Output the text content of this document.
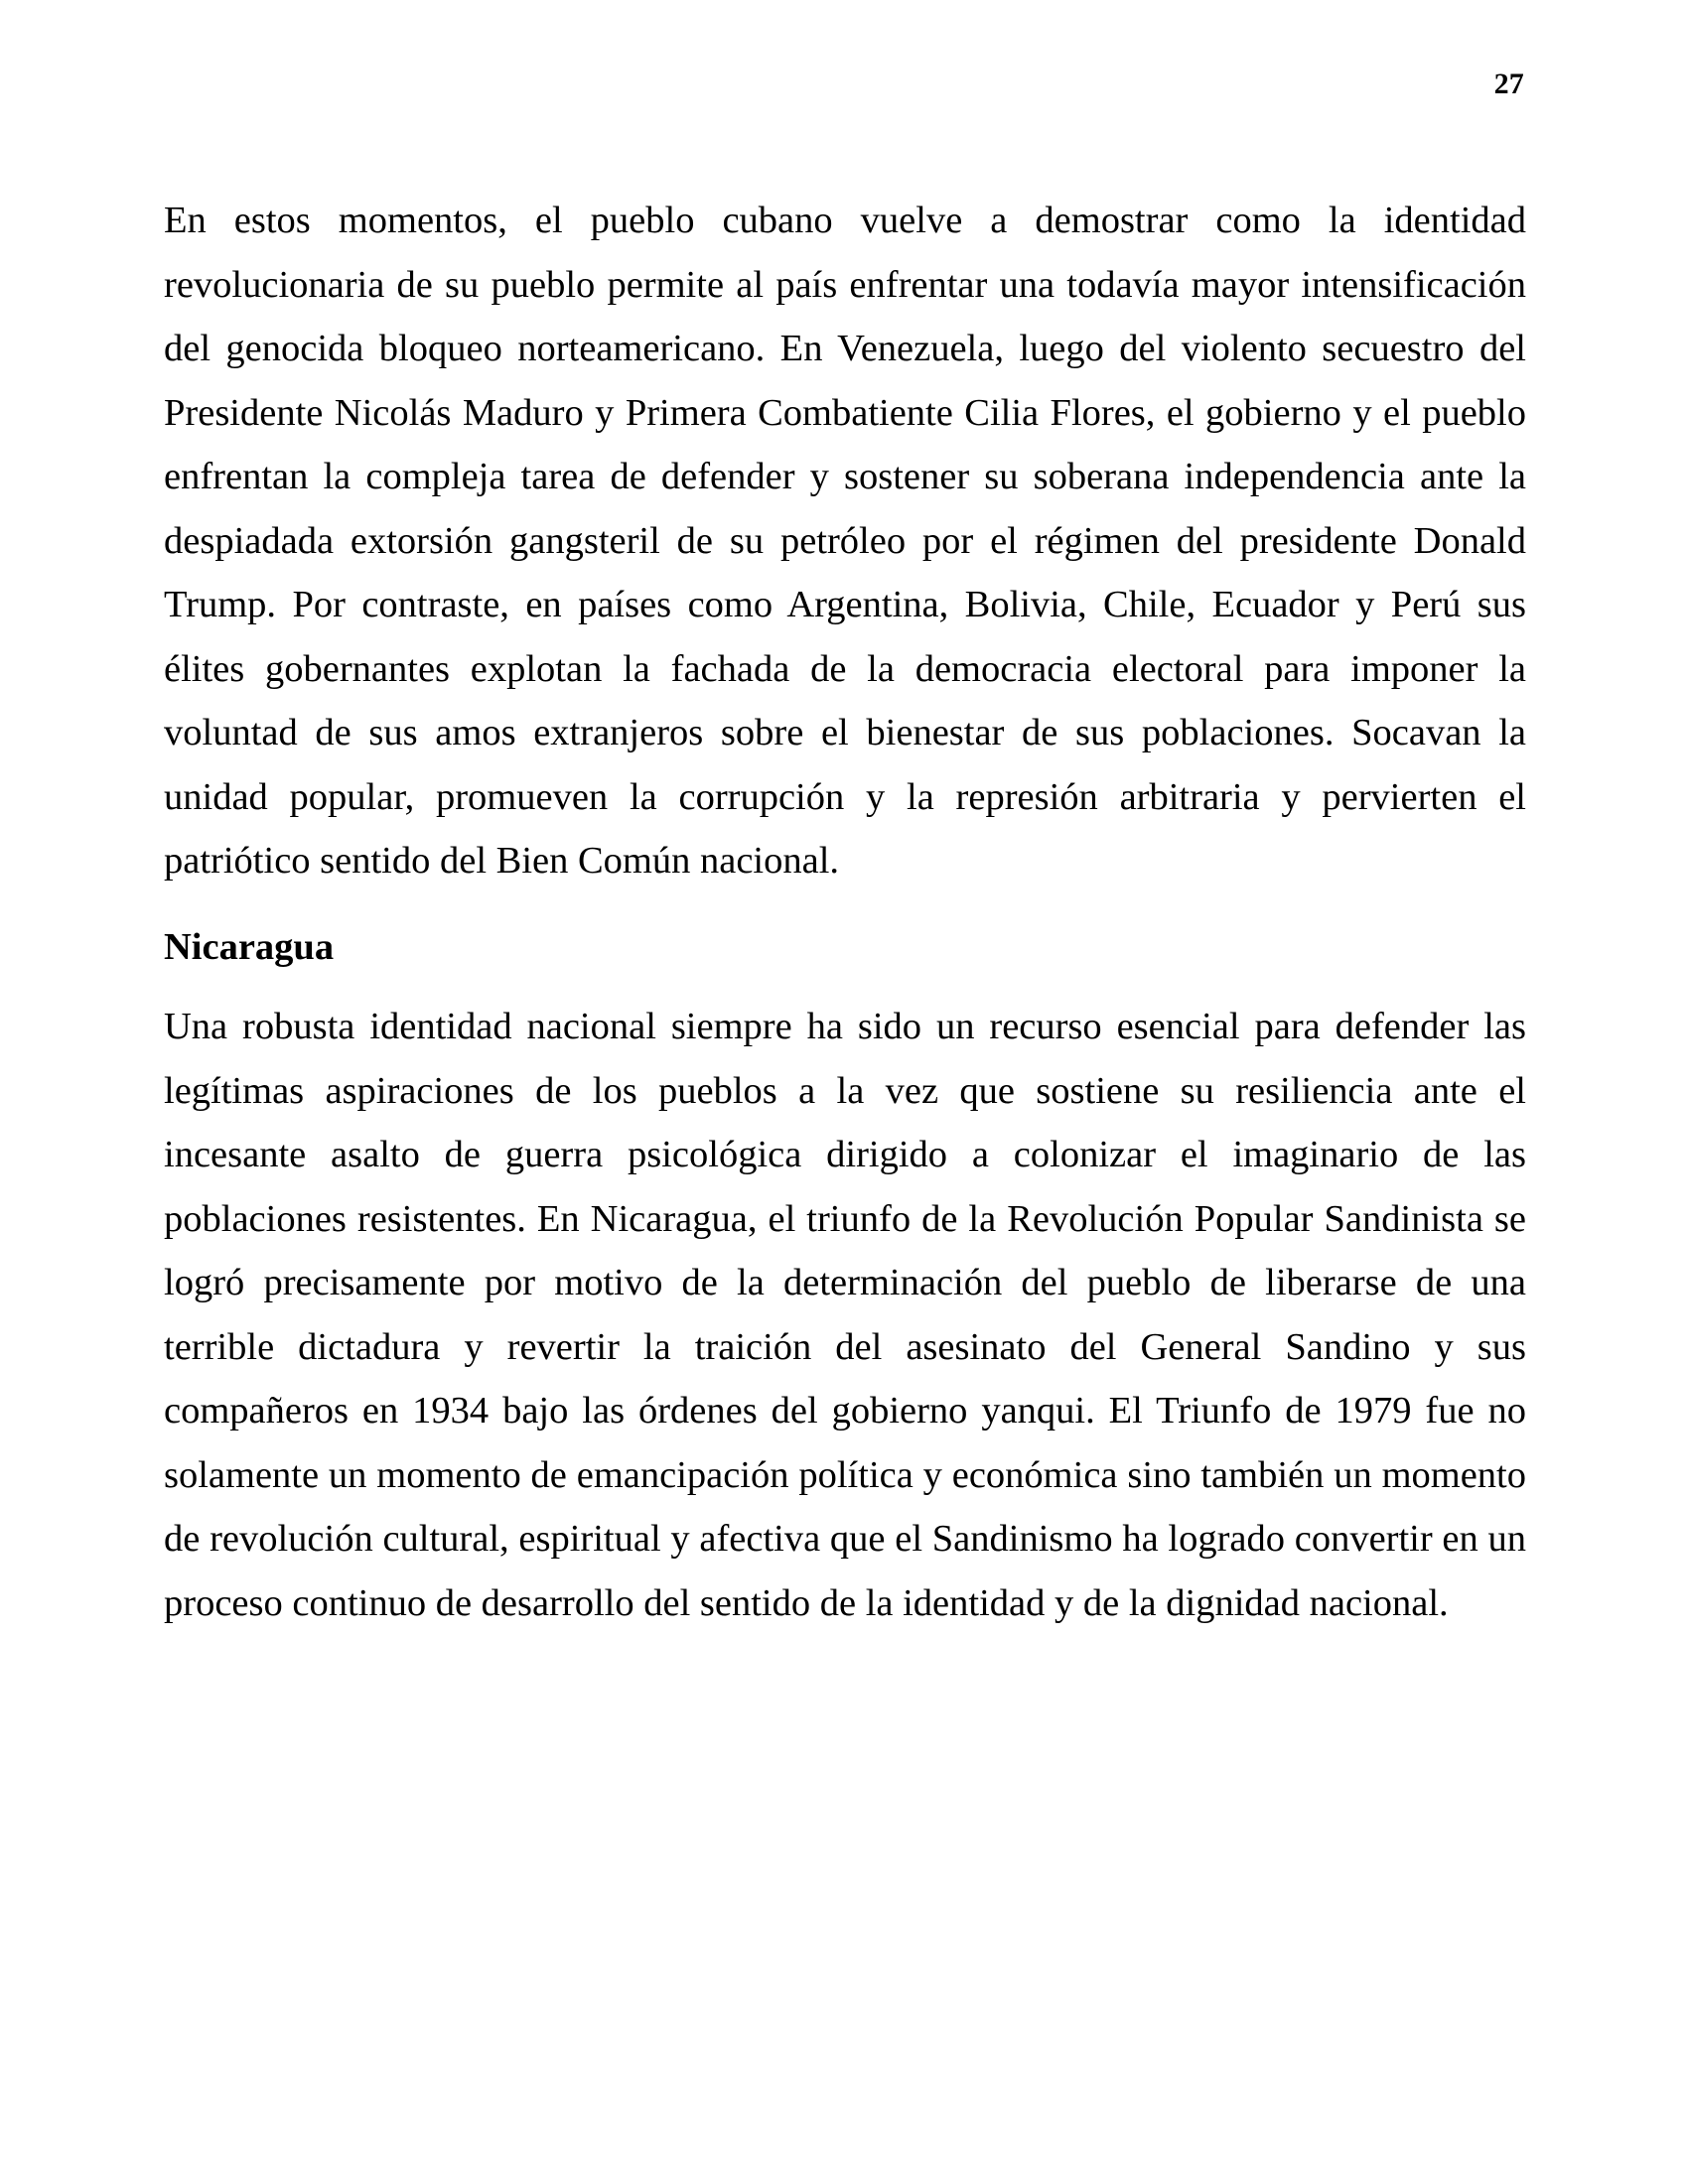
27

En estos momentos, el pueblo cubano vuelve a demostrar como la identidad revolucionaria de su pueblo permite al país enfrentar una todavía mayor intensificación del genocida bloqueo norteamericano. En Venezuela, luego del violento secuestro del Presidente Nicolás Maduro y Primera Combatiente Cilia Flores, el gobierno y el pueblo enfrentan la compleja tarea de defender y sostener su soberana independencia ante la despiadada extorsión gangsteril de su petróleo por el régimen del presidente Donald Trump. Por contraste, en países como Argentina, Bolivia, Chile, Ecuador y Perú sus élites gobernantes explotan la fachada de la democracia electoral para imponer la voluntad de sus amos extranjeros sobre el bienestar de sus poblaciones. Socavan la unidad popular, promueven la corrupción y la represión arbitraria y pervierten el patriótico sentido del Bien Común nacional.

Nicaragua

Una robusta identidad nacional siempre ha sido un recurso esencial para defender las legítimas aspiraciones de los pueblos a la vez que sostiene su resiliencia ante el incesante asalto de guerra psicológica dirigido a colonizar el imaginario de las poblaciones resistentes. En Nicaragua, el triunfo de la Revolución Popular Sandinista se logró precisamente por motivo de la determinación del pueblo de liberarse de una terrible dictadura y revertir la traición del asesinato del General Sandino y sus compañeros en 1934 bajo las órdenes del gobierno yanqui. El Triunfo de 1979 fue no solamente un momento de emancipación política y económica sino también un momento de revolución cultural, espiritual y afectiva que el Sandinismo ha logrado convertir en un proceso continuo de desarrollo del sentido de la identidad y de la dignidad nacional.
